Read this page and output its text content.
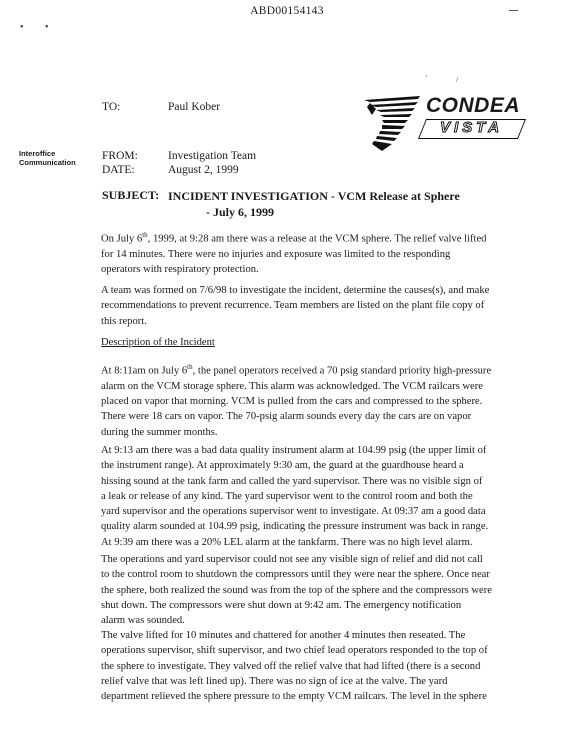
ABD00154143
• •
CONDEA
VISTA
'	/
TO:	Paul Kober
Interoffice
Communication
FROM:	Investigation Team
DATE:	August 2, 1999
SUBJECT: INCIDENT INVESTIGATION - VCM Release at Sphere
- July 6, 1999

On July 6th, 1999, at 9:28 am there was a release at the VCM sphere. The relief valve lifted
for 14 minutes. There were no injuries and exposure was limited to the responding
operators with respiratory protection.

A team was formed on 7/6/98 to investigate the incident, determine the causes(s), and make
recommendations to prevent recurrence. Team members are listed on the plant file copy of
this report.

Description of the Incident

At 8:11am on July 6th, the panel operators received a 70 psig standard priority high-pressure
alarm on the VCM storage sphere. This alarm was acknowledged. The VCM railcars were
placed on vapor that morning. VCM is pulled from the cars and compressed to the sphere.
There were 18 cars on vapor. The 70-psig alarm sounds every day the cars are on vapor
during the summer months.

At 9:13 am there was a bad data quality instrument alarm at 104.99 psig (the upper limit of
the instrument range). At approximately 9:30 am, the guard at the guardhouse heard a
hissing sound at the tank farm and called the yard supervisor. There was no visible sign of
a leak or release of any kind. The yard supervisor went to the control room and both the
yard supervisor and the operations supervisor went to investigate. At 09:37 am a good data
quality alarm sounded at 104.99 psig, indicating the pressure instrument was back in range.
At 9:39 am there was a 20% LEL alarm at the tankfarm. There was no high level alarm.

The operations and yard supervisor could not see any visible sign of relief and did not call
to the control room to shutdown the compressors until they were near the sphere. Once near
the sphere, both realized the sound was from the top of the sphere and the compressors were
shut down. The compressors were shut down at 9:42 am. The emergency notification
alarm was sounded.

The valve lifted for 10 minutes and chattered for another 4 minutes then reseated. The
operations supervisor, shift supervisor, and two chief lead operators responded to the top of
the sphere to investigate. They valved off the relief valve that had lifted (there is a second
relief valve that was left lined up). There was no sign of ice at the valve. The yard
department relieved the sphere pressure to the empty VCM railcars. The level in the sphere
